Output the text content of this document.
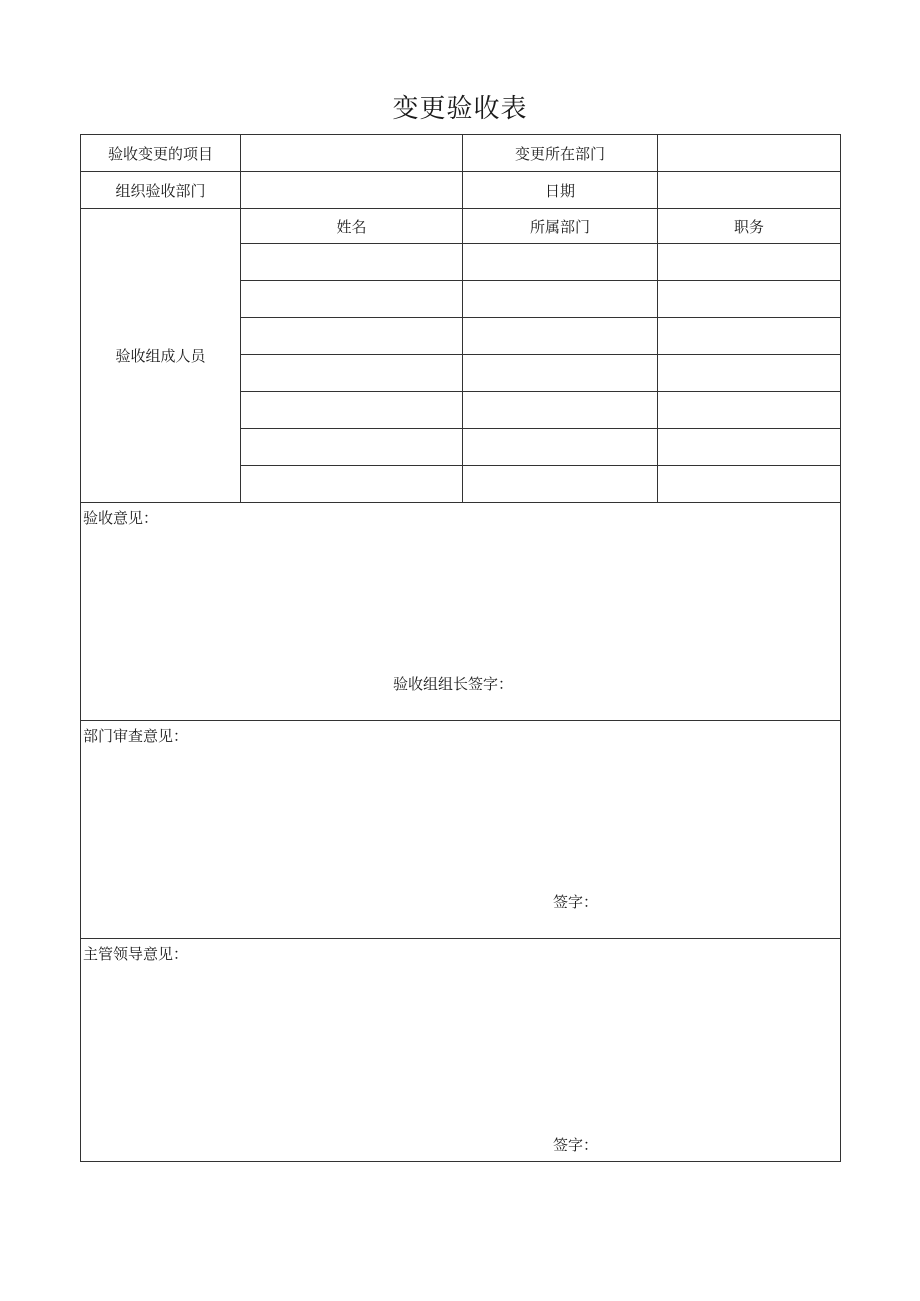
变更验收表
验收变更的项目		变更所在部门	
组织验收部门		日期	
验收组成人员	姓名	所属部门	职务

验收意见：
验收组组长签字：			

部门审查意见：
签字：			

主管领导意见：
签字：			
